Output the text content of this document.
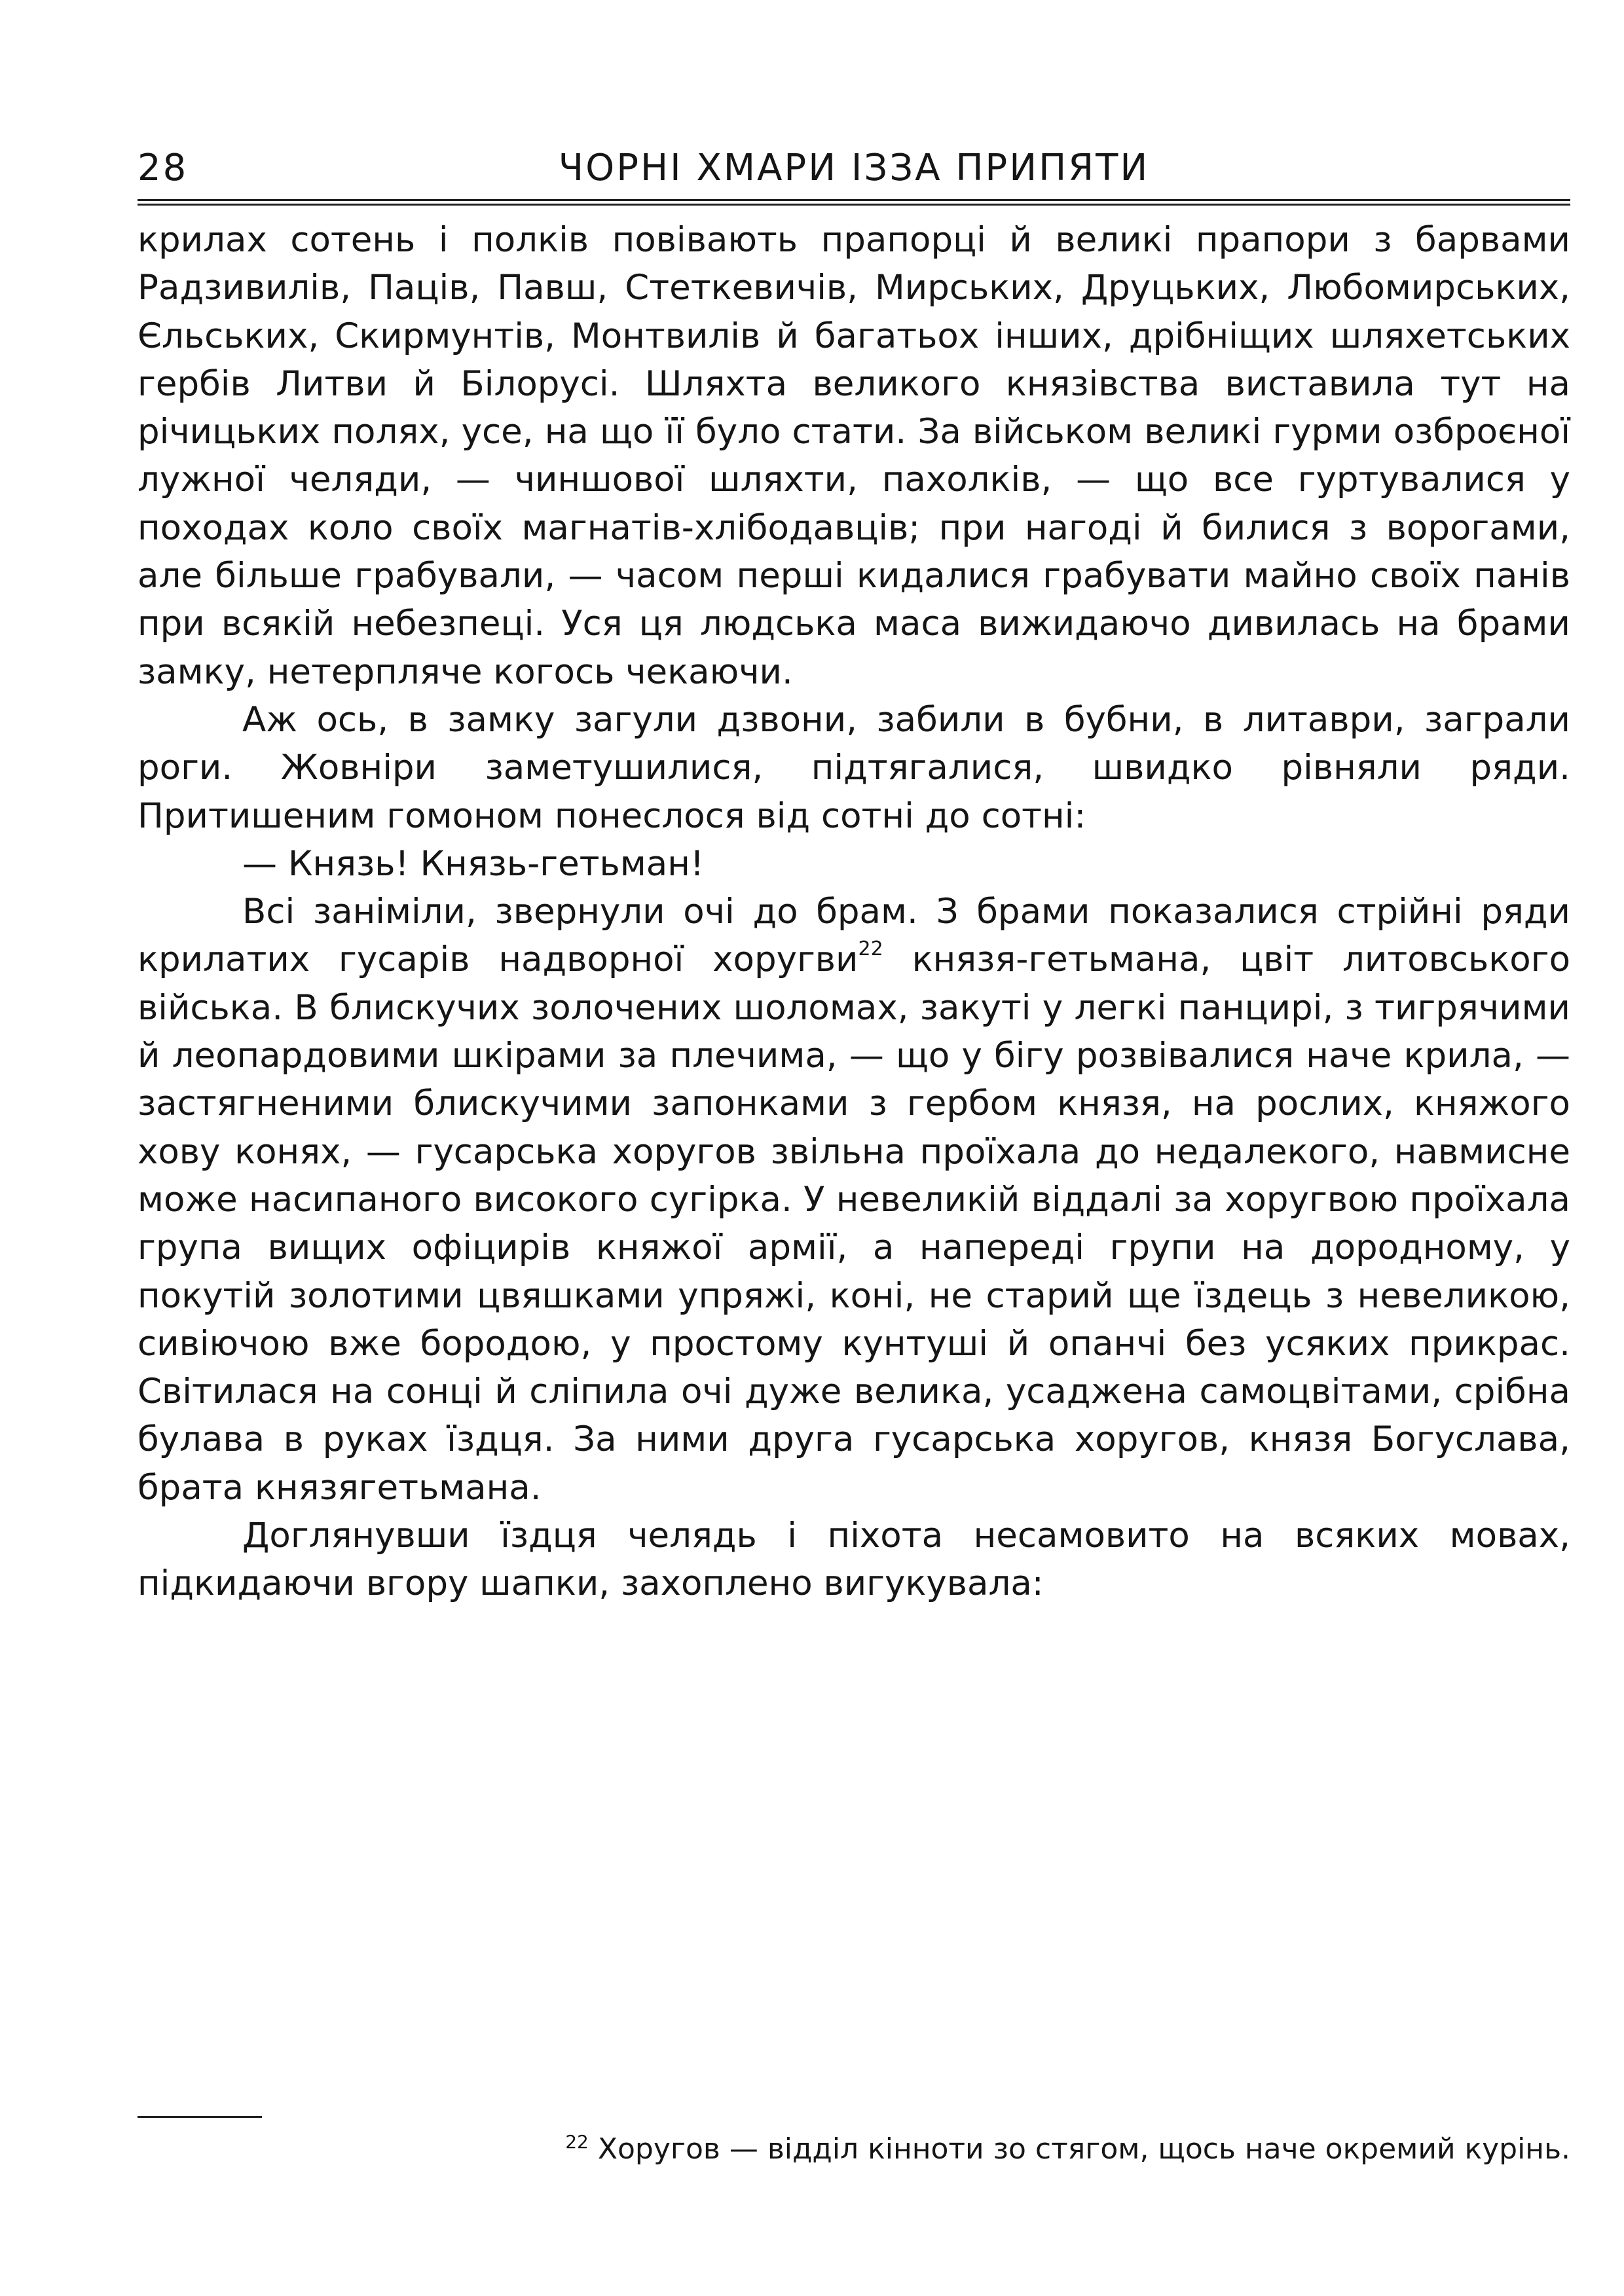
28	ЧОРНІ ХМАРИ ІЗЗА ПРИПЯТИ

крилах сотень і полків повівають прапорці й великі прапори з барвами Радзивилів, Паців, Павш, Стеткевичів, Мирських, Друцьких, Любомирських, Єльських, Скирмунтів, Монтвилів й багатьох інших, дрібніщих шляхетських гербів Литви й Білорусі. Шляхта великого князівства виставила тут на річицьких полях, усе, на що її було стати. За військом великі гурми озброєної лужної челяди, — чиншової шляхти, пахолків, — що все гуртувалися у походах коло своїх магнатів-хлібодавців; при нагоді й билися з ворогами, але більше грабували, — часом перші кидалися грабувати майно своїх панів при всякій небезпеці. Уся ця людська маса вижидаючо дивилась на брами замку, нетерпляче когось чекаючи.

Аж ось, в замку загули дзвони, забили в бубни, в литаври, заграли роги. Жовніри заметушилися, підтягалися, швидко рівняли ряди. Притишеним гомоном понеслося від сотні до сотні:

— Князь! Князь-гетьман!

Всі заніміли, звернули очі до брам. З брами показалися стрійні ряди крилатих гусарів надворної хоругви$^{22}$ князя-гетьмана, цвіт литовського війська. В блискучих золочених шоломах, закуті у легкі панцирі, з тигрячими й леопардовими шкірами за плечима, — що у бігу розвівалися наче крила, — застягненими блискучими запонками з гербом князя, на рослих, княжого хову конях, — гусарська хоругов звільна проїхала до недалекого, навмисне може насипаного високого сугірка. У невеликій віддалі за хоругвою проїхала група вищих офіцирів княжої армії, а напереді групи на дородному, у покутій золотими цвяшками упряжі, коні, не старий ще їздець з невеликою, сивіючою вже бородою, у простому кунтуші й опанчі без усяких прикрас. Світилася на сонці й сліпила очі дуже велика, усаджена самоцвітами, срібна булава в руках їздця. За ними друга гусарська хоругов, князя Богуслава, брата князягетьмана.

Доглянувши їздця челядь і піхота несамовито на всяких мовах, підкидаючи вгору шапки, захоплено вигукувала:

$^{22}$ Хоругов — відділ кінноти зо стягом, щось наче окремий курінь.
